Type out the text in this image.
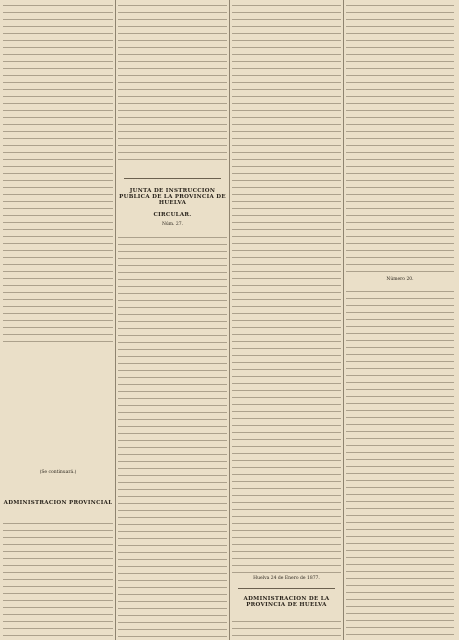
ADMINISTRACION PROVINCIAL
(Se continuará.)
JUNTA DE INSTRUCCION PUBLICA DE LA PROVINCIA DE HUELVA
CIRCULAR.
Núm. 27.
Huelva 24 de Enero de 1877.
ADMINISTRACION DE LA PROVINCIA DE HUELVA
Número 20.
